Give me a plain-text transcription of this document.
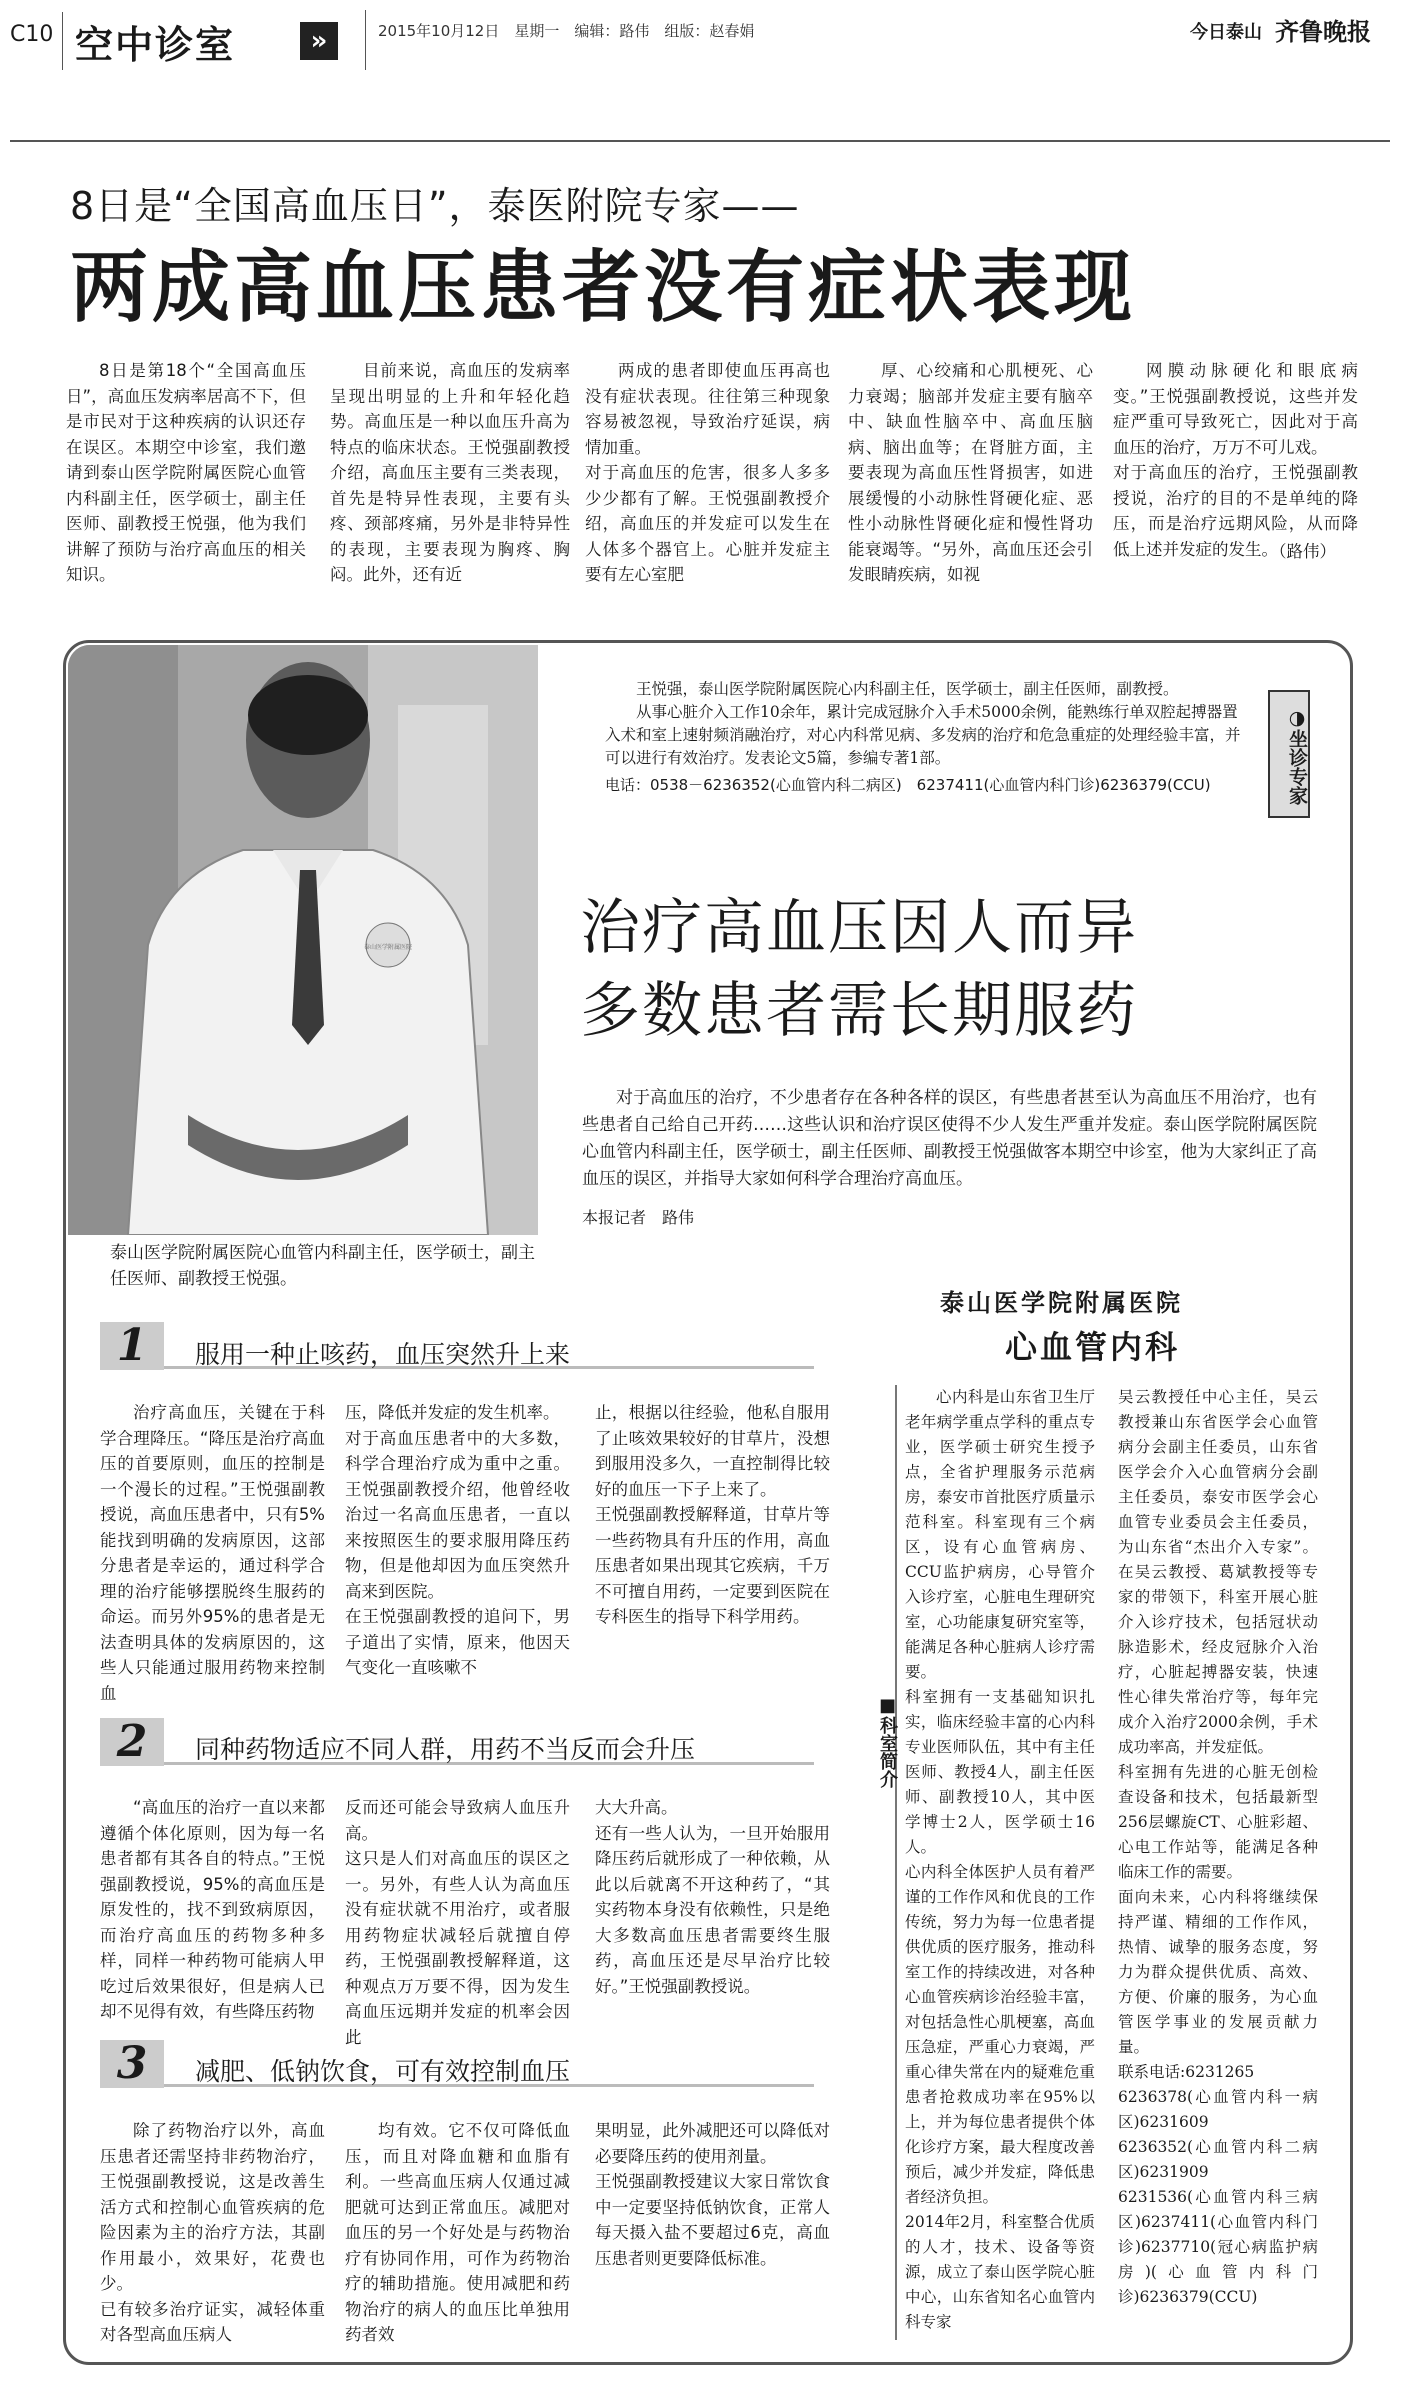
C10 空中诊室	»	2015年10月12日　星期一　编辑：路伟　组版：赵春娟	今日泰山 齐鲁晚报
8日是“全国高血压日”，泰医附院专家——
两成高血压患者没有症状表现

8日是第18个“全国高血压日”，高血压发病率居高不下，但是市民对于这种疾病的认识还存在误区。本期空中诊室，我们邀请到泰山医学院附属医院心血管内科副主任，医学硕士，副主任医师、副教授王悦强，他为我们讲解了预防与治疗高血压的相关知识。

目前来说，高血压的发病率呈现出明显的上升和年轻化趋势。高血压是一种以血压升高为特点的临床状态。王悦强副教授介绍，高血压主要有三类表现，首先是特异性表现，主要有头疼、颈部疼痛，另外是非特异性的表现，主要表现为胸疼、胸闷。此外，还有近

两成的患者即使血压再高也没有症状表现。往往第三种现象容易被忽视，导致治疗延误，病情加重。
对于高血压的危害，很多人多多少少都有了解。王悦强副教授介绍，高血压的并发症可以发生在人体多个器官上。心脏并发症主要有左心室肥

厚、心绞痛和心肌梗死、心力衰竭；脑部并发症主要有脑卒中、缺血性脑卒中、高血压脑病、脑出血等；在肾脏方面，主要表现为高血压性肾损害，如进展缓慢的小动脉性肾硬化症、恶性小动脉性肾硬化症和慢性肾功能衰竭等。“另外，高血压还会引发眼睛疾病，如视

网膜动脉硬化和眼底病变。”王悦强副教授说，这些并发症严重可导致死亡，因此对于高血压的治疗，万万不可儿戏。
对于高血压的治疗，王悦强副教授说，治疗的目的不是单纯的降压，而是治疗远期风险，从而降低上述并发症的发生。

（路伟）
泰山医学附属医院
泰山医学院附属医院心血管内科副主任，医学硕士，副主任医师、副教授王悦强。
王悦强，泰山医学院附属医院心内科副主任，医学硕士，副主任医师，副教授。
从事心脏介入工作10余年，累计完成冠脉介入手术5000余例，能熟练行单双腔起搏器置入术和室上速射频消融治疗，对心内科常见病、多发病的治疗和危急重症的处理经验丰富，并可以进行有效治疗。发表论文5篇，参编专著1部。
电话：0538－6236352(心血管内科二病区)　6237411(心血管内科门诊)6236379(CCU)	◑坐诊专家
治疗高血压因人而异
多数患者需长期服药
对于高血压的治疗，不少患者存在各种各样的误区，有些患者甚至认为高血压不用治疗，也有些患者自己给自己开药……这些认识和治疗误区使得不少人发生严重并发症。泰山医学院附属医院心血管内科副主任，医学硕士，副主任医师、副教授王悦强做客本期空中诊室，他为大家纠正了高血压的误区，并指导大家如何科学合理治疗高血压。
本报记者　路伟
1	服用一种止咳药，血压突然升上来

治疗高血压，关键在于科学合理降压。“降压是治疗高血压的首要原则，血压的控制是一个漫长的过程。”王悦强副教授说，高血压患者中，只有5%能找到明确的发病原因，这部分患者是幸运的，通过科学合理的治疗能够摆脱终生服药的命运。而另外95%的患者是无法查明具体的发病原因的，这些人只能通过服用药物来控制血

压，降低并发症的发生机率。
对于高血压患者中的大多数，科学合理治疗成为重中之重。王悦强副教授介绍，他曾经收治过一名高血压患者，一直以来按照医生的要求服用降压药物，但是他却因为血压突然升高来到医院。
在王悦强副教授的追问下，男子道出了实情，原来，他因天气变化一直咳嗽不

止，根据以往经验，他私自服用了止咳效果较好的甘草片，没想到服用没多久，一直控制得比较好的血压一下子上来了。
王悦强副教授解释道，甘草片等一些药物具有升压的作用，高血压患者如果出现其它疾病，千万不可擅自用药，一定要到医院在专科医生的指导下科学用药。

2	同种药物适应不同人群，用药不当反而会升压

“高血压的治疗一直以来都遵循个体化原则，因为每一名患者都有其各自的特点。”王悦强副教授说，95%的高血压是原发性的，找不到致病原因，而治疗高血压的药物多种多样，同样一种药物可能病人甲吃过后效果很好，但是病人已却不见得有效，有些降压药物

反而还可能会导致病人血压升高。
这只是人们对高血压的误区之一。另外，有些人认为高血压没有症状就不用治疗，或者服用药物症状减轻后就擅自停药，王悦强副教授解释道，这种观点万万要不得，因为发生高血压远期并发症的机率会因此

大大升高。
还有一些人认为，一旦开始服用降压药后就形成了一种依赖，从此以后就离不开这种药了，“其实药物本身没有依赖性，只是绝大多数高血压患者需要终生服药，高血压还是尽早治疗比较好。”王悦强副教授说。

3	减肥、低钠饮食，可有效控制血压

除了药物治疗以外，高血压患者还需坚持非药物治疗，王悦强副教授说，这是改善生活方式和控制心血管疾病的危险因素为主的治疗方法，其副作用最小，效果好，花费也少。
已有较多治疗证实，减轻体重对各型高血压病人

均有效。它不仅可降低血压，而且对降血糖和血脂有利。一些高血压病人仅通过减肥就可达到正常血压。减肥对血压的另一个好处是与药物治疗有协同作用，可作为药物治疗的辅助措施。使用减肥和药物治疗的病人的血压比单独用药者效

果明显，此外减肥还可以降低对必要降压药的使用剂量。
王悦强副教授建议大家日常饮食中一定要坚持低钠饮食，正常人每天摄入盐不要超过6克，高血压患者则更要降低标准。

泰山医学院附属医院
心血管内科
■科室简介
心内科是山东省卫生厅老年病学重点学科的重点专业，医学硕士研究生授予点，全省护理服务示范病房，泰安市首批医疗质量示范科室。科室现有三个病区，设有心血管病房、CCU监护病房，心导管介入诊疗室，心脏电生理研究室，心功能康复研究室等，能满足各种心脏病人诊疗需要。
科室拥有一支基础知识扎实，临床经验丰富的心内科专业医师队伍，其中有主任医师、教授4人，副主任医师、副教授10人，其中医学博士2人，医学硕士16人。
心内科全体医护人员有着严谨的工作作风和优良的工作传统，努力为每一位患者提供优质的医疗服务，推动科室工作的持续改进，对各种心血管疾病诊治经验丰富，对包括急性心肌梗塞，高血压急症，严重心力衰竭，严重心律失常在内的疑难危重患者抢救成功率在95%以上，并为每位患者提供个体化诊疗方案，最大程度改善预后，减少并发症，降低患者经济负担。
2014年2月，科室整合优质的人才，技术、设备等资源，成立了泰山医学院心脏中心，山东省知名心血管内科专家
吴云教授任中心主任，吴云教授兼山东省医学会心血管病分会副主任委员，山东省医学会介入心血管病分会副主任委员，泰安市医学会心血管专业委员会主任委员，为山东省“杰出介入专家”。在吴云教授、葛斌教授等专家的带领下，科室开展心脏介入诊疗技术，包括冠状动脉造影术，经皮冠脉介入治疗，心脏起搏器安装，快速性心律失常治疗等，每年完成介入治疗2000余例，手术成功率高，并发症低。
科室拥有先进的心脏无创检查设备和技术，包括最新型256层螺旋CT、心脏彩超、心电工作站等，能满足各种临床工作的需要。
面向未来，心内科将继续保持严谨、精细的工作作风，热情、诚挚的服务态度，努力为群众提供优质、高效、方便、价廉的服务，为心血管医学事业的发展贡献力量。
联系电话:6231265
6236378(心血管内科一病区)6231609
6236352(心血管内科二病区)6231909
6231536(心血管内科三病区)6237411(心血管内科门诊)6237710(冠心病监护病房)(心血管内科门诊)6236379(CCU)
